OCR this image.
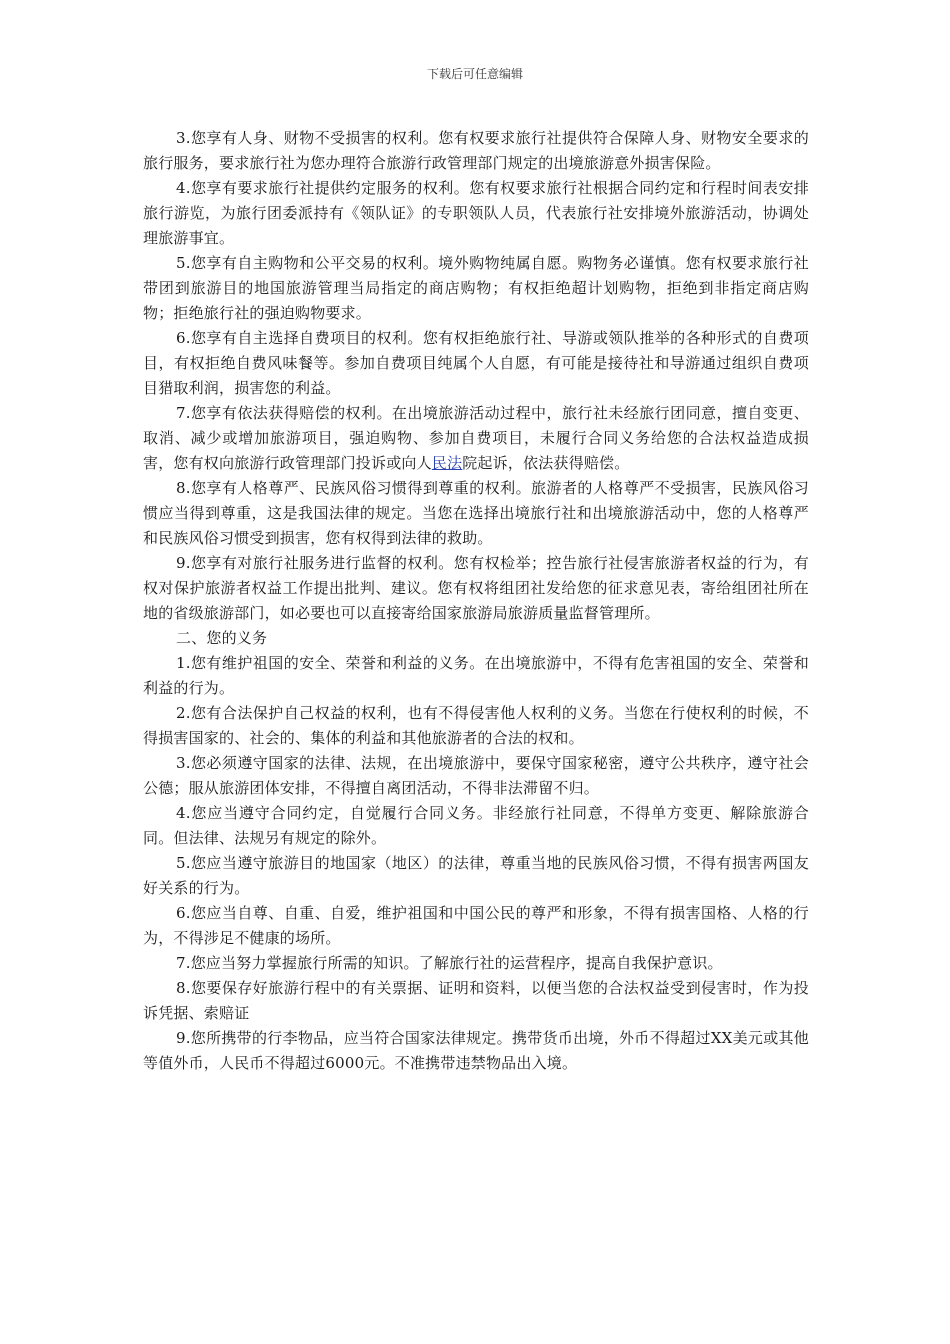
下载后可任意编辑

3.您享有人身、财物不受损害的权利。您有权要求旅行社提供符合保障人身、财物安全要求的旅行服务，要求旅行社为您办理符合旅游行政管理部门规定的出境旅游意外损害保险。

4.您享有要求旅行社提供约定服务的权利。您有权要求旅行社根据合同约定和行程时间表安排旅行游览，为旅行团委派持有《领队证》的专职领队人员，代表旅行社安排境外旅游活动，协调处理旅游事宜。

5.您享有自主购物和公平交易的权利。境外购物纯属自愿。购物务必谨慎。您有权要求旅行社带团到旅游目的地国旅游管理当局指定的商店购物；有权拒绝超计划购物，拒绝到非指定商店购物；拒绝旅行社的强迫购物要求。

6.您享有自主选择自费项目的权利。您有权拒绝旅行社、导游或领队推举的各种形式的自费项目，有权拒绝自费风味餐等。参加自费项目纯属个人自愿，有可能是接待社和导游通过组织自费项目猎取利润，损害您的利益。

7.您享有依法获得赔偿的权利。在出境旅游活动过程中，旅行社未经旅行团同意，擅自变更、取消、减少或增加旅游项目，强迫购物、参加自费项目，未履行合同义务给您的合法权益造成损害，您有权向旅游行政管理部门投诉或向人民法院起诉，依法获得赔偿。

8.您享有人格尊严、民族风俗习惯得到尊重的权利。旅游者的人格尊严不受损害，民族风俗习惯应当得到尊重，这是我国法律的规定。当您在选择出境旅行社和出境旅游活动中，您的人格尊严和民族风俗习惯受到损害，您有权得到法律的救助。

9.您享有对旅行社服务进行监督的权利。您有权检举；控告旅行社侵害旅游者权益的行为，有权对保护旅游者权益工作提出批判、建议。您有权将组团社发给您的征求意见表，寄给组团社所在地的省级旅游部门，如必要也可以直接寄给国家旅游局旅游质量监督管理所。

二、您的义务

1.您有维护祖国的安全、荣誉和利益的义务。在出境旅游中，不得有危害祖国的安全、荣誉和利益的行为。

2.您有合法保护自己权益的权利，也有不得侵害他人权利的义务。当您在行使权利的时候，不得损害国家的、社会的、集体的利益和其他旅游者的合法的权和。

3.您必须遵守国家的法律、法规，在出境旅游中，要保守国家秘密，遵守公共秩序，遵守社会公德；服从旅游团体安排，不得擅自离团活动，不得非法滞留不归。

4.您应当遵守合同约定，自觉履行合同义务。非经旅行社同意，不得单方变更、解除旅游合同。但法律、法规另有规定的除外。

5.您应当遵守旅游目的地国家（地区）的法律，尊重当地的民族风俗习惯，不得有损害两国友好关系的行为。

6.您应当自尊、自重、自爱，维护祖国和中国公民的尊严和形象，不得有损害国格、人格的行为，不得涉足不健康的场所。

7.您应当努力掌握旅行所需的知识。了解旅行社的运营程序，提高自我保护意识。

8.您要保存好旅游行程中的有关票据、证明和资料，以便当您的合法权益受到侵害时，作为投诉凭据、索赔证

9.您所携带的行李物品，应当符合国家法律规定。携带货币出境，外币不得超过XX美元或其他等值外币，人民币不得超过6000元。不准携带违禁物品出入境。
